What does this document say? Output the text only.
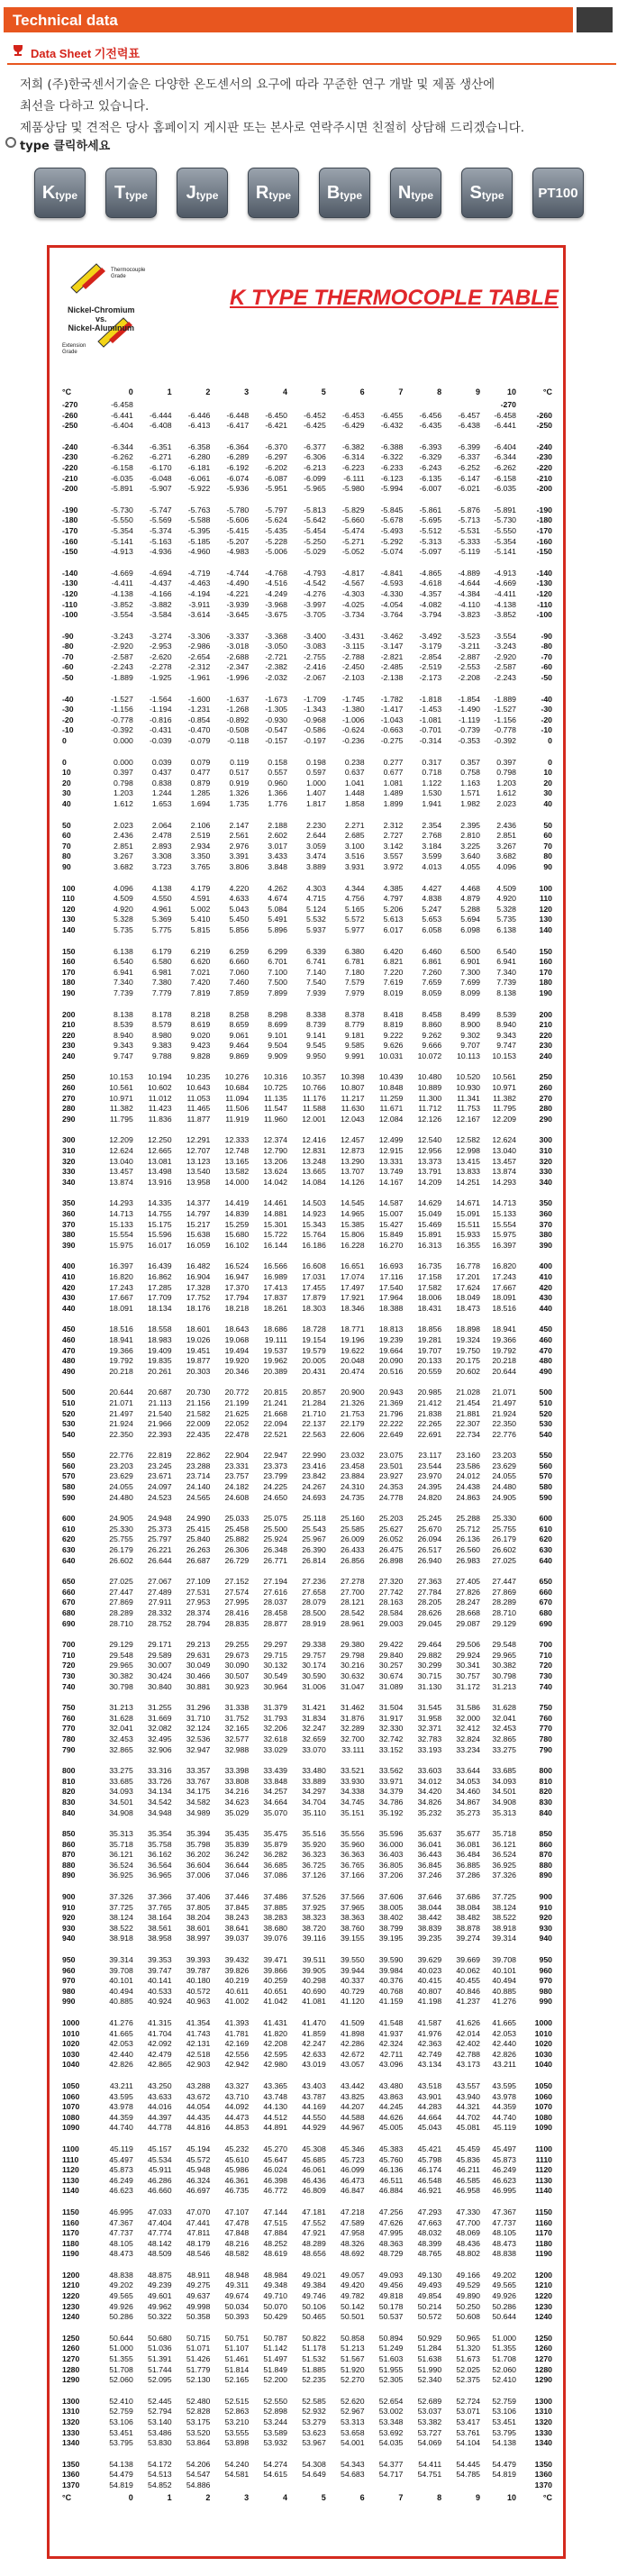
Technical data
Data Sheet 기전력표

저희 (주)한국센서기술은 다양한 온도센서의 요구에 따라 꾸준한 연구 개발 및 제품 생산에

최선을 다하고 있습니다.

제품상담 및 견적은 당사 홈페이지 게시판 또는 본사로 연락주시면 친절히 상담해 드리겠습니다.

type 클릭하세요
K type T type J type R type B type N type S type	PT100
Thermocouple
Grade
Nickel-Chromium
vs.
Nickel-Aluminum
Extension
Grade
K TYPE THERMOCOPLE TABLE
°C	0	1	2	3	4	5	6	7	8	9	10	°C
-270	-6.458										-270	
-260	-6.441	-6.444	-6.446	-6.448	-6.450	-6.452	-6.453	-6.455	-6.456	-6.457	-6.458	-260
-250	-6.404	-6.408	-6.413	-6.417	-6.421	-6.425	-6.429	-6.432	-6.435	-6.438	-6.441	-250

-240	-6.344	-6.351	-6.358	-6.364	-6.370	-6.377	-6.382	-6.388	-6.393	-6.399	-6.404	-240
-230	-6.262	-6.271	-6.280	-6.289	-6.297	-6.306	-6.314	-6.322	-6.329	-6.337	-6.344	-230
-220	-6.158	-6.170	-6.181	-6.192	-6.202	-6.213	-6.223	-6.233	-6.243	-6.252	-6.262	-220
-210	-6.035	-6.048	-6.061	-6.074	-6.087	-6.099	-6.111	-6.123	-6.135	-6.147	-6.158	-210
-200	-5.891	-5.907	-5.922	-5.936	-5.951	-5.965	-5.980	-5.994	-6.007	-6.021	-6.035	-200

-190	-5.730	-5.747	-5.763	-5.780	-5.797	-5.813	-5.829	-5.845	-5.861	-5.876	-5.891	-190
-180	-5.550	-5.569	-5.588	-5.606	-5.624	-5.642	-5.660	-5.678	-5.695	-5.713	-5.730	-180
-170	-5.354	-5.374	-5.395	-5.415	-5.435	-5.454	-5.474	-5.493	-5.512	-5.531	-5.550	-170
-160	-5.141	-5.163	-5.185	-5.207	-5.228	-5.250	-5.271	-5.292	-5.313	-5.333	-5.354	-160
-150	-4.913	-4.936	-4.960	-4.983	-5.006	-5.029	-5.052	-5.074	-5.097	-5.119	-5.141	-150

-140	-4.669	-4.694	-4.719	-4.744	-4.768	-4.793	-4.817	-4.841	-4.865	-4.889	-4.913	-140
-130	-4.411	-4.437	-4.463	-4.490	-4.516	-4.542	-4.567	-4.593	-4.618	-4.644	-4.669	-130
-120	-4.138	-4.166	-4.194	-4.221	-4.249	-4.276	-4.303	-4.330	-4.357	-4.384	-4.411	-120
-110	-3.852	-3.882	-3.911	-3.939	-3.968	-3.997	-4.025	-4.054	-4.082	-4.110	-4.138	-110
-100	-3.554	-3.584	-3.614	-3.645	-3.675	-3.705	-3.734	-3.764	-3.794	-3.823	-3.852	-100

-90	-3.243	-3.274	-3.306	-3.337	-3.368	-3.400	-3.431	-3.462	-3.492	-3.523	-3.554	-90
-80	-2.920	-2.953	-2.986	-3.018	-3.050	-3.083	-3.115	-3.147	-3.179	-3.211	-3.243	-80
-70	-2.587	-2.620	-2.654	-2.688	-2.721	-2.755	-2.788	-2.821	-2.854	-2.887	-2.920	-70
-60	-2.243	-2.278	-2.312	-2.347	-2.382	-2.416	-2.450	-2.485	-2.519	-2.553	-2.587	-60
-50	-1.889	-1.925	-1.961	-1.996	-2.032	-2.067	-2.103	-2.138	-2.173	-2.208	-2.243	-50

-40	-1.527	-1.564	-1.600	-1.637	-1.673	-1.709	-1.745	-1.782	-1.818	-1.854	-1.889	-40
-30	-1.156	-1.194	-1.231	-1.268	-1.305	-1.343	-1.380	-1.417	-1.453	-1.490	-1.527	-30
-20	-0.778	-0.816	-0.854	-0.892	-0.930	-0.968	-1.006	-1.043	-1.081	-1.119	-1.156	-20
-10	-0.392	-0.431	-0.470	-0.508	-0.547	-0.586	-0.624	-0.663	-0.701	-0.739	-0.778	-10
0	0.000	-0.039	-0.079	-0.118	-0.157	-0.197	-0.236	-0.275	-0.314	-0.353	-0.392	0

0	0.000	0.039	0.079	0.119	0.158	0.198	0.238	0.277	0.317	0.357	0.397	0
10	0.397	0.437	0.477	0.517	0.557	0.597	0.637	0.677	0.718	0.758	0.798	10
20	0.798	0.838	0.879	0.919	0.960	1.000	1.041	1.081	1.122	1.163	1.203	20
30	1.203	1.244	1.285	1.326	1.366	1.407	1.448	1.489	1.530	1.571	1.612	30
40	1.612	1.653	1.694	1.735	1.776	1.817	1.858	1.899	1.941	1.982	2.023	40

50	2.023	2.064	2.106	2.147	2.188	2.230	2.271	2.312	2.354	2.395	2.436	50
60	2.436	2.478	2.519	2.561	2.602	2.644	2.685	2.727	2.768	2.810	2.851	60
70	2.851	2.893	2.934	2.976	3.017	3.059	3.100	3.142	3.184	3.225	3.267	70
80	3.267	3.308	3.350	3.391	3.433	3.474	3.516	3.557	3.599	3.640	3.682	80
90	3.682	3.723	3.765	3.806	3.848	3.889	3.931	3.972	4.013	4.055	4.096	90

100	4.096	4.138	4.179	4.220	4.262	4.303	4.344	4.385	4.427	4.468	4.509	100
110	4.509	4.550	4.591	4.633	4.674	4.715	4.756	4.797	4.838	4.879	4.920	110
120	4.920	4.961	5.002	5.043	5.084	5.124	5.165	5.206	5.247	5.288	5.328	120
130	5.328	5.369	5.410	5.450	5.491	5.532	5.572	5.613	5.653	5.694	5.735	130
140	5.735	5.775	5.815	5.856	5.896	5.937	5.977	6.017	6.058	6.098	6.138	140

150	6.138	6.179	6.219	6.259	6.299	6.339	6.380	6.420	6.460	6.500	6.540	150
160	6.540	6.580	6.620	6.660	6.701	6.741	6.781	6.821	6.861	6.901	6.941	160
170	6.941	6.981	7.021	7.060	7.100	7.140	7.180	7.220	7.260	7.300	7.340	170
180	7.340	7.380	7.420	7.460	7.500	7.540	7.579	7.619	7.659	7.699	7.739	180
190	7.739	7.779	7.819	7.859	7.899	7.939	7.979	8.019	8.059	8.099	8.138	190

200	8.138	8.178	8.218	8.258	8.298	8.338	8.378	8.418	8.458	8.499	8.539	200
210	8.539	8.579	8.619	8.659	8.699	8.739	8.779	8.819	8.860	8.900	8.940	210
220	8.940	8.980	9.020	9.061	9.101	9.141	9.181	9.222	9.262	9.302	9.343	220
230	9.343	9.383	9.423	9.464	9.504	9.545	9.585	9.626	9.666	9.707	9.747	230
240	9.747	9.788	9.828	9.869	9.909	9.950	9.991	10.031	10.072	10.113	10.153	240

250	10.153	10.194	10.235	10.276	10.316	10.357	10.398	10.439	10.480	10.520	10.561	250
260	10.561	10.602	10.643	10.684	10.725	10.766	10.807	10.848	10.889	10.930	10.971	260
270	10.971	11.012	11.053	11.094	11.135	11.176	11.217	11.259	11.300	11.341	11.382	270
280	11.382	11.423	11.465	11.506	11.547	11.588	11.630	11.671	11.712	11.753	11.795	280
290	11.795	11.836	11.877	11.919	11.960	12.001	12.043	12.084	12.126	12.167	12.209	290

300	12.209	12.250	12.291	12.333	12.374	12.416	12.457	12.499	12.540	12.582	12.624	300
310	12.624	12.665	12.707	12.748	12.790	12.831	12.873	12.915	12.956	12.998	13.040	310
320	13.040	13.081	13.123	13.165	13.206	13.248	13.290	13.331	13.373	13.415	13.457	320
330	13.457	13.498	13.540	13.582	13.624	13.665	13.707	13.749	13.791	13.833	13.874	330
340	13.874	13.916	13.958	14.000	14.042	14.084	14.126	14.167	14.209	14.251	14.293	340

350	14.293	14.335	14.377	14.419	14.461	14.503	14.545	14.587	14.629	14.671	14.713	350
360	14.713	14.755	14.797	14.839	14.881	14.923	14.965	15.007	15.049	15.091	15.133	360
370	15.133	15.175	15.217	15.259	15.301	15.343	15.385	15.427	15.469	15.511	15.554	370
380	15.554	15.596	15.638	15.680	15.722	15.764	15.806	15.849	15.891	15.933	15.975	380
390	15.975	16.017	16.059	16.102	16.144	16.186	16.228	16.270	16.313	16.355	16.397	390

400	16.397	16.439	16.482	16.524	16.566	16.608	16.651	16.693	16.735	16.778	16.820	400
410	16.820	16.862	16.904	16.947	16.989	17.031	17.074	17.116	17.158	17.201	17.243	410
420	17.243	17.285	17.328	17.370	17.413	17.455	17.497	17.540	17.582	17.624	17.667	420
430	17.667	17.709	17.752	17.794	17.837	17.879	17.921	17.964	18.006	18.049	18.091	430
440	18.091	18.134	18.176	18.218	18.261	18.303	18.346	18.388	18.431	18.473	18.516	440

450	18.516	18.558	18.601	18.643	18.686	18.728	18.771	18.813	18.856	18.898	18.941	450
460	18.941	18.983	19.026	19.068	19.111	19.154	19.196	19.239	19.281	19.324	19.366	460
470	19.366	19.409	19.451	19.494	19.537	19.579	19.622	19.664	19.707	19.750	19.792	470
480	19.792	19.835	19.877	19.920	19.962	20.005	20.048	20.090	20.133	20.175	20.218	480
490	20.218	20.261	20.303	20.346	20.389	20.431	20.474	20.516	20.559	20.602	20.644	490

500	20.644	20.687	20.730	20.772	20.815	20.857	20.900	20.943	20.985	21.028	21.071	500
510	21.071	21.113	21.156	21.199	21.241	21.284	21.326	21.369	21.412	21.454	21.497	510
520	21.497	21.540	21.582	21.625	21.668	21.710	21.753	21.796	21.838	21.881	21.924	520
530	21.924	21.966	22.009	22.052	22.094	22.137	22.179	22.222	22.265	22.307	22.350	530
540	22.350	22.393	22.435	22.478	22.521	22.563	22.606	22.649	22.691	22.734	22.776	540

550	22.776	22.819	22.862	22.904	22.947	22.990	23.032	23.075	23.117	23.160	23.203	550
560	23.203	23.245	23.288	23.331	23.373	23.416	23.458	23.501	23.544	23.586	23.629	560
570	23.629	23.671	23.714	23.757	23.799	23.842	23.884	23.927	23.970	24.012	24.055	570
580	24.055	24.097	24.140	24.182	24.225	24.267	24.310	24.353	24.395	24.438	24.480	580
590	24.480	24.523	24.565	24.608	24.650	24.693	24.735	24.778	24.820	24.863	24.905	590

600	24.905	24.948	24.990	25.033	25.075	25.118	25.160	25.203	25.245	25.288	25.330	600
610	25.330	25.373	25.415	25.458	25.500	25.543	25.585	25.627	25.670	25.712	25.755	610
620	25.755	25.797	25.840	25.882	25.924	25.967	26.009	26.052	26.094	26.136	26.179	620
630	26.179	26.221	26.263	26.306	26.348	26.390	26.433	26.475	26.517	26.560	26.602	630
640	26.602	26.644	26.687	26.729	26.771	26.814	26.856	26.898	26.940	26.983	27.025	640

650	27.025	27.067	27.109	27.152	27.194	27.236	27.278	27.320	27.363	27.405	27.447	650
660	27.447	27.489	27.531	27.574	27.616	27.658	27.700	27.742	27.784	27.826	27.869	660
670	27.869	27.911	27.953	27.995	28.037	28.079	28.121	28.163	28.205	28.247	28.289	670
680	28.289	28.332	28.374	28.416	28.458	28.500	28.542	28.584	28.626	28.668	28.710	680
690	28.710	28.752	28.794	28.835	28.877	28.919	28.961	29.003	29.045	29.087	29.129	690

700	29.129	29.171	29.213	29.255	29.297	29.338	29.380	29.422	29.464	29.506	29.548	700
710	29.548	29.589	29.631	29.673	29.715	29.757	29.798	29.840	29.882	29.924	29.965	710
720	29.965	30.007	30.049	30.090	30.132	30.174	30.216	30.257	30.299	30.341	30.382	720
730	30.382	30.424	30.466	30.507	30.549	30.590	30.632	30.674	30.715	30.757	30.798	730
740	30.798	30.840	30.881	30.923	30.964	31.006	31.047	31.089	31.130	31.172	31.213	740

750	31.213	31.255	31.296	31.338	31.379	31.421	31.462	31.504	31.545	31.586	31.628	750
760	31.628	31.669	31.710	31.752	31.793	31.834	31.876	31.917	31.958	32.000	32.041	760
770	32.041	32.082	32.124	32.165	32.206	32.247	32.289	32.330	32.371	32.412	32.453	770
780	32.453	32.495	32.536	32.577	32.618	32.659	32.700	32.742	32.783	32.824	32.865	780
790	32.865	32.906	32.947	32.988	33.029	33.070	33.111	33.152	33.193	33.234	33.275	790

800	33.275	33.316	33.357	33.398	33.439	33.480	33.521	33.562	33.603	33.644	33.685	800
810	33.685	33.726	33.767	33.808	33.848	33.889	33.930	33.971	34.012	34.053	34.093	810
820	34.093	34.134	34.175	34.216	34.257	34.297	34.338	34.379	34.420	34.460	34.501	820
830	34.501	34.542	34.582	34.623	34.664	34.704	34.745	34.786	34.826	34.867	34.908	830
840	34.908	34.948	34.989	35.029	35.070	35.110	35.151	35.192	35.232	35.273	35.313	840

850	35.313	35.354	35.394	35.435	35.475	35.516	35.556	35.596	35.637	35.677	35.718	850
860	35.718	35.758	35.798	35.839	35.879	35.920	35.960	36.000	36.041	36.081	36.121	860
870	36.121	36.162	36.202	36.242	36.282	36.323	36.363	36.403	36.443	36.484	36.524	870
880	36.524	36.564	36.604	36.644	36.685	36.725	36.765	36.805	36.845	36.885	36.925	880
890	36.925	36.965	37.006	37.046	37.086	37.126	37.166	37.206	37.246	37.286	37.326	890

900	37.326	37.366	37.406	37.446	37.486	37.526	37.566	37.606	37.646	37.686	37.725	900
910	37.725	37.765	37.805	37.845	37.885	37.925	37.965	38.005	38.044	38.084	38.124	910
920	38.124	38.164	38.204	38.243	38.283	38.323	38.363	38.402	38.442	38.482	38.522	920
930	38.522	38.561	38.601	38.641	38.680	38.720	38.760	38.799	38.839	38.878	38.918	930
940	38.918	38.958	38.997	39.037	39.076	39.116	39.155	39.195	39.235	39.274	39.314	940

950	39.314	39.353	39.393	39.432	39.471	39.511	39.550	39.590	39.629	39.669	39.708	950
960	39.708	39.747	39.787	39.826	39.866	39.905	39.944	39.984	40.023	40.062	40.101	960
970	40.101	40.141	40.180	40.219	40.259	40.298	40.337	40.376	40.415	40.455	40.494	970
980	40.494	40.533	40.572	40.611	40.651	40.690	40.729	40.768	40.807	40.846	40.885	980
990	40.885	40.924	40.963	41.002	41.042	41.081	41.120	41.159	41.198	41.237	41.276	990

1000	41.276	41.315	41.354	41.393	41.431	41.470	41.509	41.548	41.587	41.626	41.665	1000
1010	41.665	41.704	41.743	41.781	41.820	41.859	41.898	41.937	41.976	42.014	42.053	1010
1020	42.053	42.092	42.131	42.169	42.208	42.247	42.286	42.324	42.363	42.402	42.440	1020
1030	42.440	42.479	42.518	42.556	42.595	42.633	42.672	42.711	42.749	42.788	42.826	1030
1040	42.826	42.865	42.903	42.942	42.980	43.019	43.057	43.096	43.134	43.173	43.211	1040

1050	43.211	43.250	43.288	43.327	43.365	43.403	43.442	43.480	43.518	43.557	43.595	1050
1060	43.595	43.633	43.672	43.710	43.748	43.787	43.825	43.863	43.901	43.940	43.978	1060
1070	43.978	44.016	44.054	44.092	44.130	44.169	44.207	44.245	44.283	44.321	44.359	1070
1080	44.359	44.397	44.435	44.473	44.512	44.550	44.588	44.626	44.664	44.702	44.740	1080
1090	44.740	44.778	44.816	44.853	44.891	44.929	44.967	45.005	45.043	45.081	45.119	1090

1100	45.119	45.157	45.194	45.232	45.270	45.308	45.346	45.383	45.421	45.459	45.497	1100
1110	45.497	45.534	45.572	45.610	45.647	45.685	45.723	45.760	45.798	45.836	45.873	1110
1120	45.873	45.911	45.948	45.986	46.024	46.061	46.099	46.136	46.174	46.211	46.249	1120
1130	46.249	46.286	46.324	46.361	46.398	46.436	46.473	46.511	46.548	46.585	46.623	1130
1140	46.623	46.660	46.697	46.735	46.772	46.809	46.847	46.884	46.921	46.958	46.995	1140

1150	46.995	47.033	47.070	47.107	47.144	47.181	47.218	47.256	47.293	47.330	47.367	1150
1160	47.367	47.404	47.441	47.478	47.515	47.552	47.589	47.626	47.663	47.700	47.737	1160
1170	47.737	47.774	47.811	47.848	47.884	47.921	47.958	47.995	48.032	48.069	48.105	1170
1180	48.105	48.142	48.179	48.216	48.252	48.289	48.326	48.363	48.399	48.436	48.473	1180
1190	48.473	48.509	48.546	48.582	48.619	48.656	48.692	48.729	48.765	48.802	48.838	1190

1200	48.838	48.875	48.911	48.948	48.984	49.021	49.057	49.093	49.130	49.166	49.202	1200
1210	49.202	49.239	49.275	49.311	49.348	49.384	49.420	49.456	49.493	49.529	49.565	1210
1220	49.565	49.601	49.637	49.674	49.710	49.746	49.782	49.818	49.854	49.890	49.926	1220
1230	49.926	49.962	49.998	50.034	50.070	50.106	50.142	50.178	50.214	50.250	50.286	1230
1240	50.286	50.322	50.358	50.393	50.429	50.465	50.501	50.537	50.572	50.608	50.644	1240

1250	50.644	50.680	50.715	50.751	50.787	50.822	50.858	50.894	50.929	50.965	51.000	1250
1260	51.000	51.036	51.071	51.107	51.142	51.178	51.213	51.249	51.284	51.320	51.355	1260
1270	51.355	51.391	51.426	51.461	51.497	51.532	51.567	51.603	51.638	51.673	51.708	1270
1280	51.708	51.744	51.779	51.814	51.849	51.885	51.920	51.955	51.990	52.025	52.060	1280
1290	52.060	52.095	52.130	52.165	52.200	52.235	52.270	52.305	52.340	52.375	52.410	1290

1300	52.410	52.445	52.480	52.515	52.550	52.585	52.620	52.654	52.689	52.724	52.759	1300
1310	52.759	52.794	52.828	52.863	52.898	52.932	52.967	53.002	53.037	53.071	53.106	1310
1320	53.106	53.140	53.175	53.210	53.244	53.279	53.313	53.348	53.382	53.417	53.451	1320
1330	53.451	53.486	53.520	53.555	53.589	53.623	53.658	53.692	53.727	53.761	53.795	1330
1340	53.795	53.830	53.864	53.898	53.932	53.967	54.001	54.035	54.069	54.104	54.138	1340

1350	54.138	54.172	54.206	54.240	54.274	54.308	54.343	54.377	54.411	54.445	54.479	1350
1360	54.479	54.513	54.547	54.581	54.615	54.649	54.683	54.717	54.751	54.785	54.819	1360
1370	54.819	54.852	54.886									1370
°C	0	1	2	3	4	5	6	7	8	9	10	°C
